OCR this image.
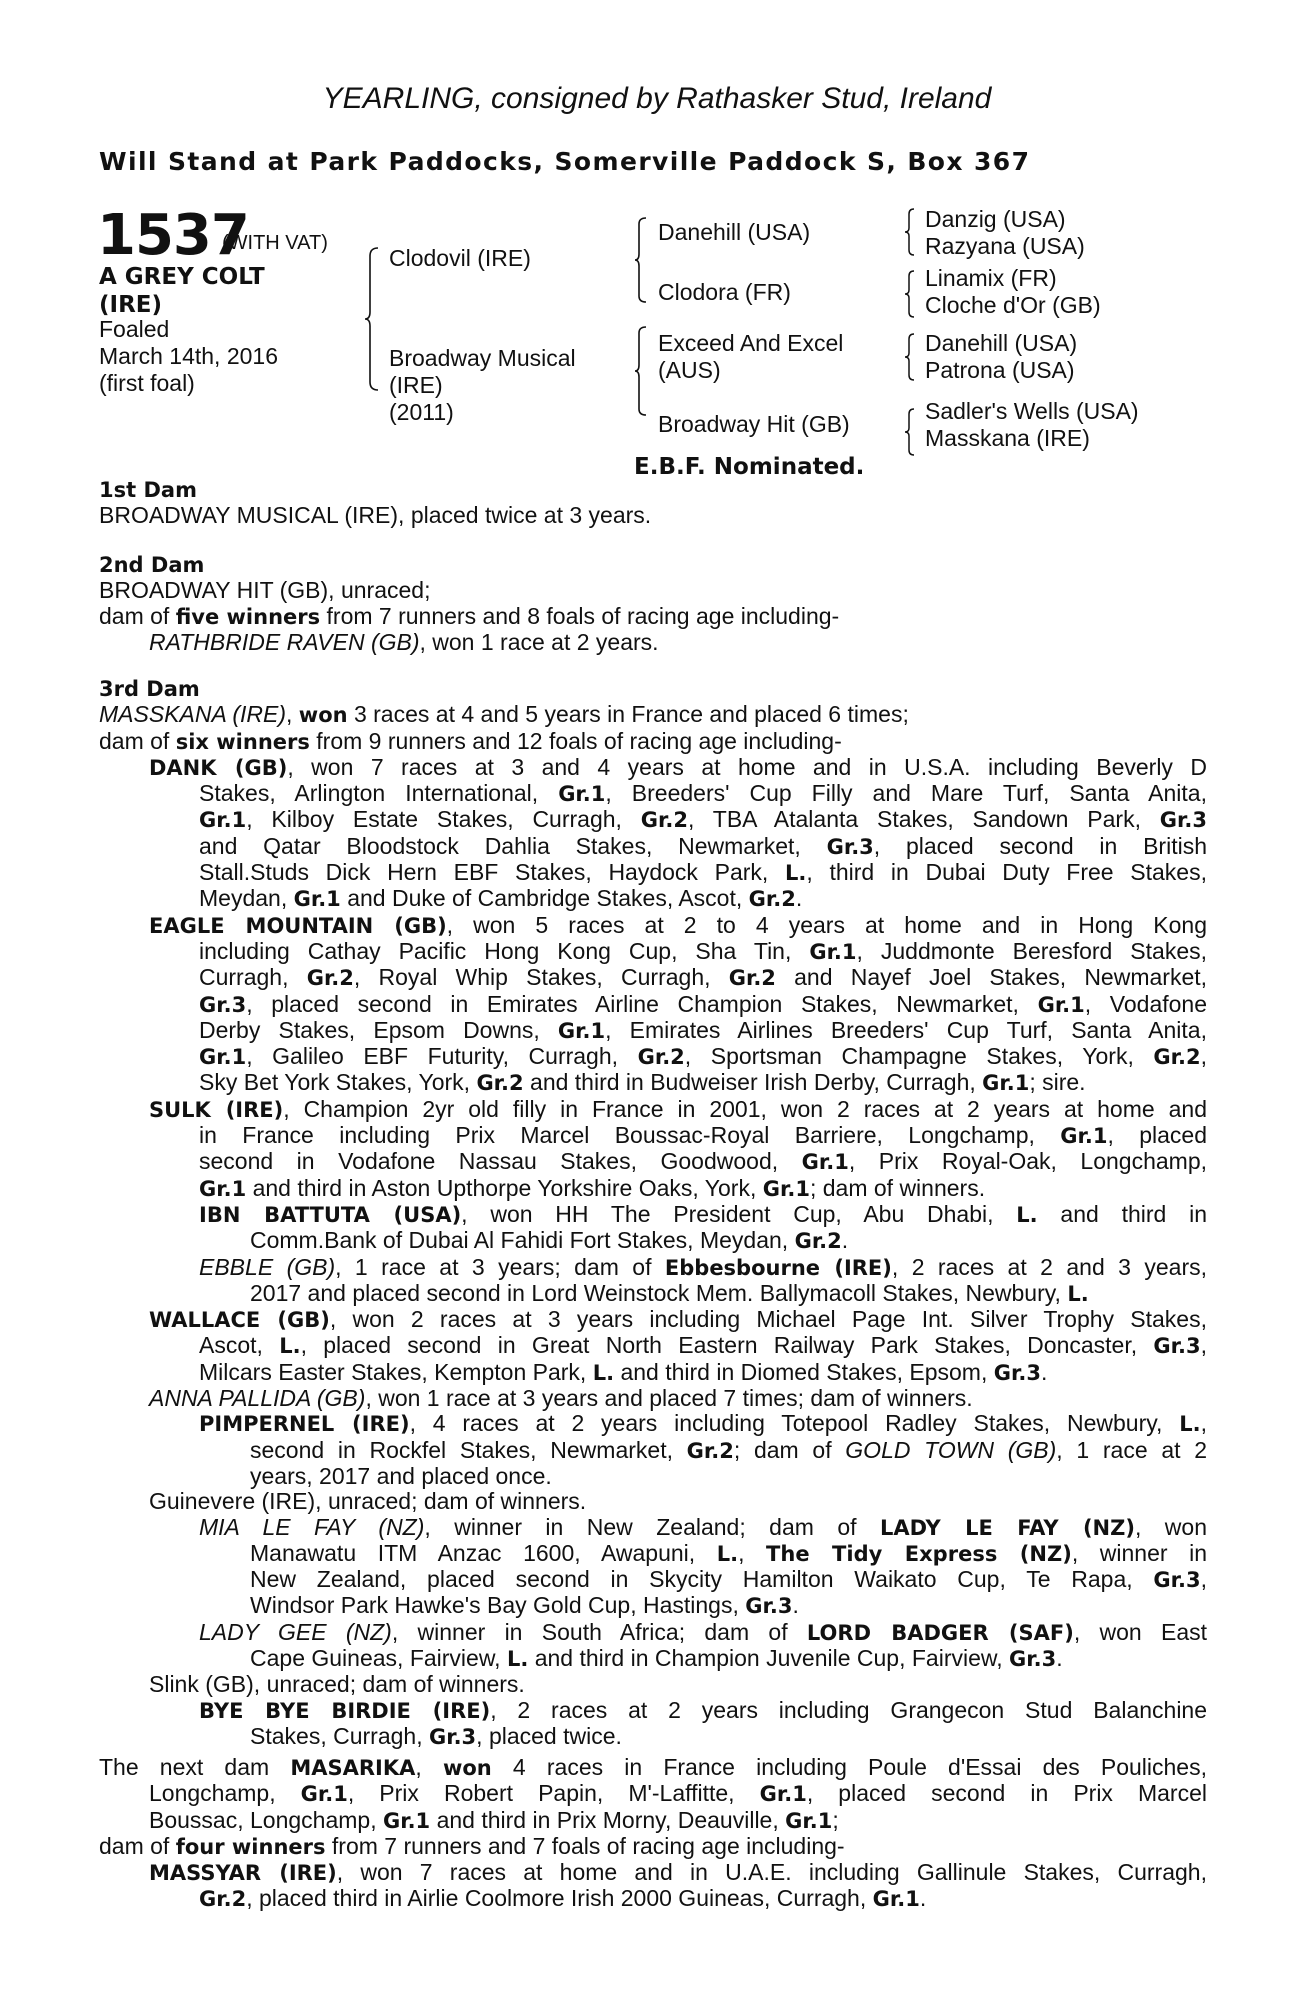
YEARLING, consigned by Rathasker Stud, Ireland
Will Stand at Park Paddocks, Somerville Paddock S, Box 367
1537
(WITH VAT)
A GREY COLT
(IRE)
Foaled
March 14th, 2016
(first foal)
Clodovil (IRE)
Broadway Musical
(IRE)
(2011)
Danehill (USA)
Clodora (FR)
Exceed And Excel
(AUS)
Broadway Hit (GB)
Danzig (USA)
Razyana (USA)
Linamix (FR)
Cloche d'Or (GB)
Danehill (USA)
Patrona (USA)
Sadler's Wells (USA)
Masskana (IRE)
E.B.F. Nominated.
1st Dam
BROADWAY MUSICAL (IRE), placed twice at 3 years.
2nd Dam
BROADWAY HIT (GB), unraced;
dam of five winners from 7 runners and 8 foals of racing age including-
RATHBRIDE RAVEN (GB), won 1 race at 2 years.
3rd Dam
MASSKANA (IRE), won 3 races at 4 and 5 years in France and placed 6 times;
dam of six winners from 9 runners and 12 foals of racing age including-
DANK (GB), won 7 races at 3 and 4 years at home and in U.S.A. including Beverly D
Stakes, Arlington International, Gr.1, Breeders' Cup Filly and Mare Turf, Santa Anita,
Gr.1, Kilboy Estate Stakes, Curragh, Gr.2, TBA Atalanta Stakes, Sandown Park, Gr.3
and Qatar Bloodstock Dahlia Stakes, Newmarket, Gr.3, placed second in British
Stall.Studs Dick Hern EBF Stakes, Haydock Park, L., third in Dubai Duty Free Stakes,
Meydan, Gr.1 and Duke of Cambridge Stakes, Ascot, Gr.2.
EAGLE MOUNTAIN (GB), won 5 races at 2 to 4 years at home and in Hong Kong
including Cathay Pacific Hong Kong Cup, Sha Tin, Gr.1, Juddmonte Beresford Stakes,
Curragh, Gr.2, Royal Whip Stakes, Curragh, Gr.2 and Nayef Joel Stakes, Newmarket,
Gr.3, placed second in Emirates Airline Champion Stakes, Newmarket, Gr.1, Vodafone
Derby Stakes, Epsom Downs, Gr.1, Emirates Airlines Breeders' Cup Turf, Santa Anita,
Gr.1, Galileo EBF Futurity, Curragh, Gr.2, Sportsman Champagne Stakes, York, Gr.2,
Sky Bet York Stakes, York, Gr.2 and third in Budweiser Irish Derby, Curragh, Gr.1; sire.
SULK (IRE), Champion 2yr old filly in France in 2001, won 2 races at 2 years at home and
in France including Prix Marcel Boussac-Royal Barriere, Longchamp, Gr.1, placed
second in Vodafone Nassau Stakes, Goodwood, Gr.1, Prix Royal-Oak, Longchamp,
Gr.1 and third in Aston Upthorpe Yorkshire Oaks, York, Gr.1; dam of winners.
IBN BATTUTA (USA), won HH The President Cup, Abu Dhabi, L. and third in
Comm.Bank of Dubai Al Fahidi Fort Stakes, Meydan, Gr.2.
EBBLE (GB), 1 race at 3 years; dam of Ebbesbourne (IRE), 2 races at 2 and 3 years,
2017 and placed second in Lord Weinstock Mem. Ballymacoll Stakes, Newbury, L.
WALLACE (GB), won 2 races at 3 years including Michael Page Int. Silver Trophy Stakes,
Ascot, L., placed second in Great North Eastern Railway Park Stakes, Doncaster, Gr.3,
Milcars Easter Stakes, Kempton Park, L. and third in Diomed Stakes, Epsom, Gr.3.
ANNA PALLIDA (GB), won 1 race at 3 years and placed 7 times; dam of winners.
PIMPERNEL (IRE), 4 races at 2 years including Totepool Radley Stakes, Newbury, L.,
second in Rockfel Stakes, Newmarket, Gr.2; dam of GOLD TOWN (GB), 1 race at 2
years, 2017 and placed once.
Guinevere (IRE), unraced; dam of winners.
MIA LE FAY (NZ), winner in New Zealand; dam of LADY LE FAY (NZ), won
Manawatu ITM Anzac 1600, Awapuni, L., The Tidy Express (NZ), winner in
New Zealand, placed second in Skycity Hamilton Waikato Cup, Te Rapa, Gr.3,
Windsor Park Hawke's Bay Gold Cup, Hastings, Gr.3.
LADY GEE (NZ), winner in South Africa; dam of LORD BADGER (SAF), won East
Cape Guineas, Fairview, L. and third in Champion Juvenile Cup, Fairview, Gr.3.
Slink (GB), unraced; dam of winners.
BYE BYE BIRDIE (IRE), 2 races at 2 years including Grangecon Stud Balanchine
Stakes, Curragh, Gr.3, placed twice.
The next dam MASARIKA, won 4 races in France including Poule d'Essai des Pouliches,
Longchamp, Gr.1, Prix Robert Papin, M'-Laffitte, Gr.1, placed second in Prix Marcel
Boussac, Longchamp, Gr.1 and third in Prix Morny, Deauville, Gr.1;
dam of four winners from 7 runners and 7 foals of racing age including-
MASSYAR (IRE), won 7 races at home and in U.A.E. including Gallinule Stakes, Curragh,
Gr.2, placed third in Airlie Coolmore Irish 2000 Guineas, Curragh, Gr.1.
